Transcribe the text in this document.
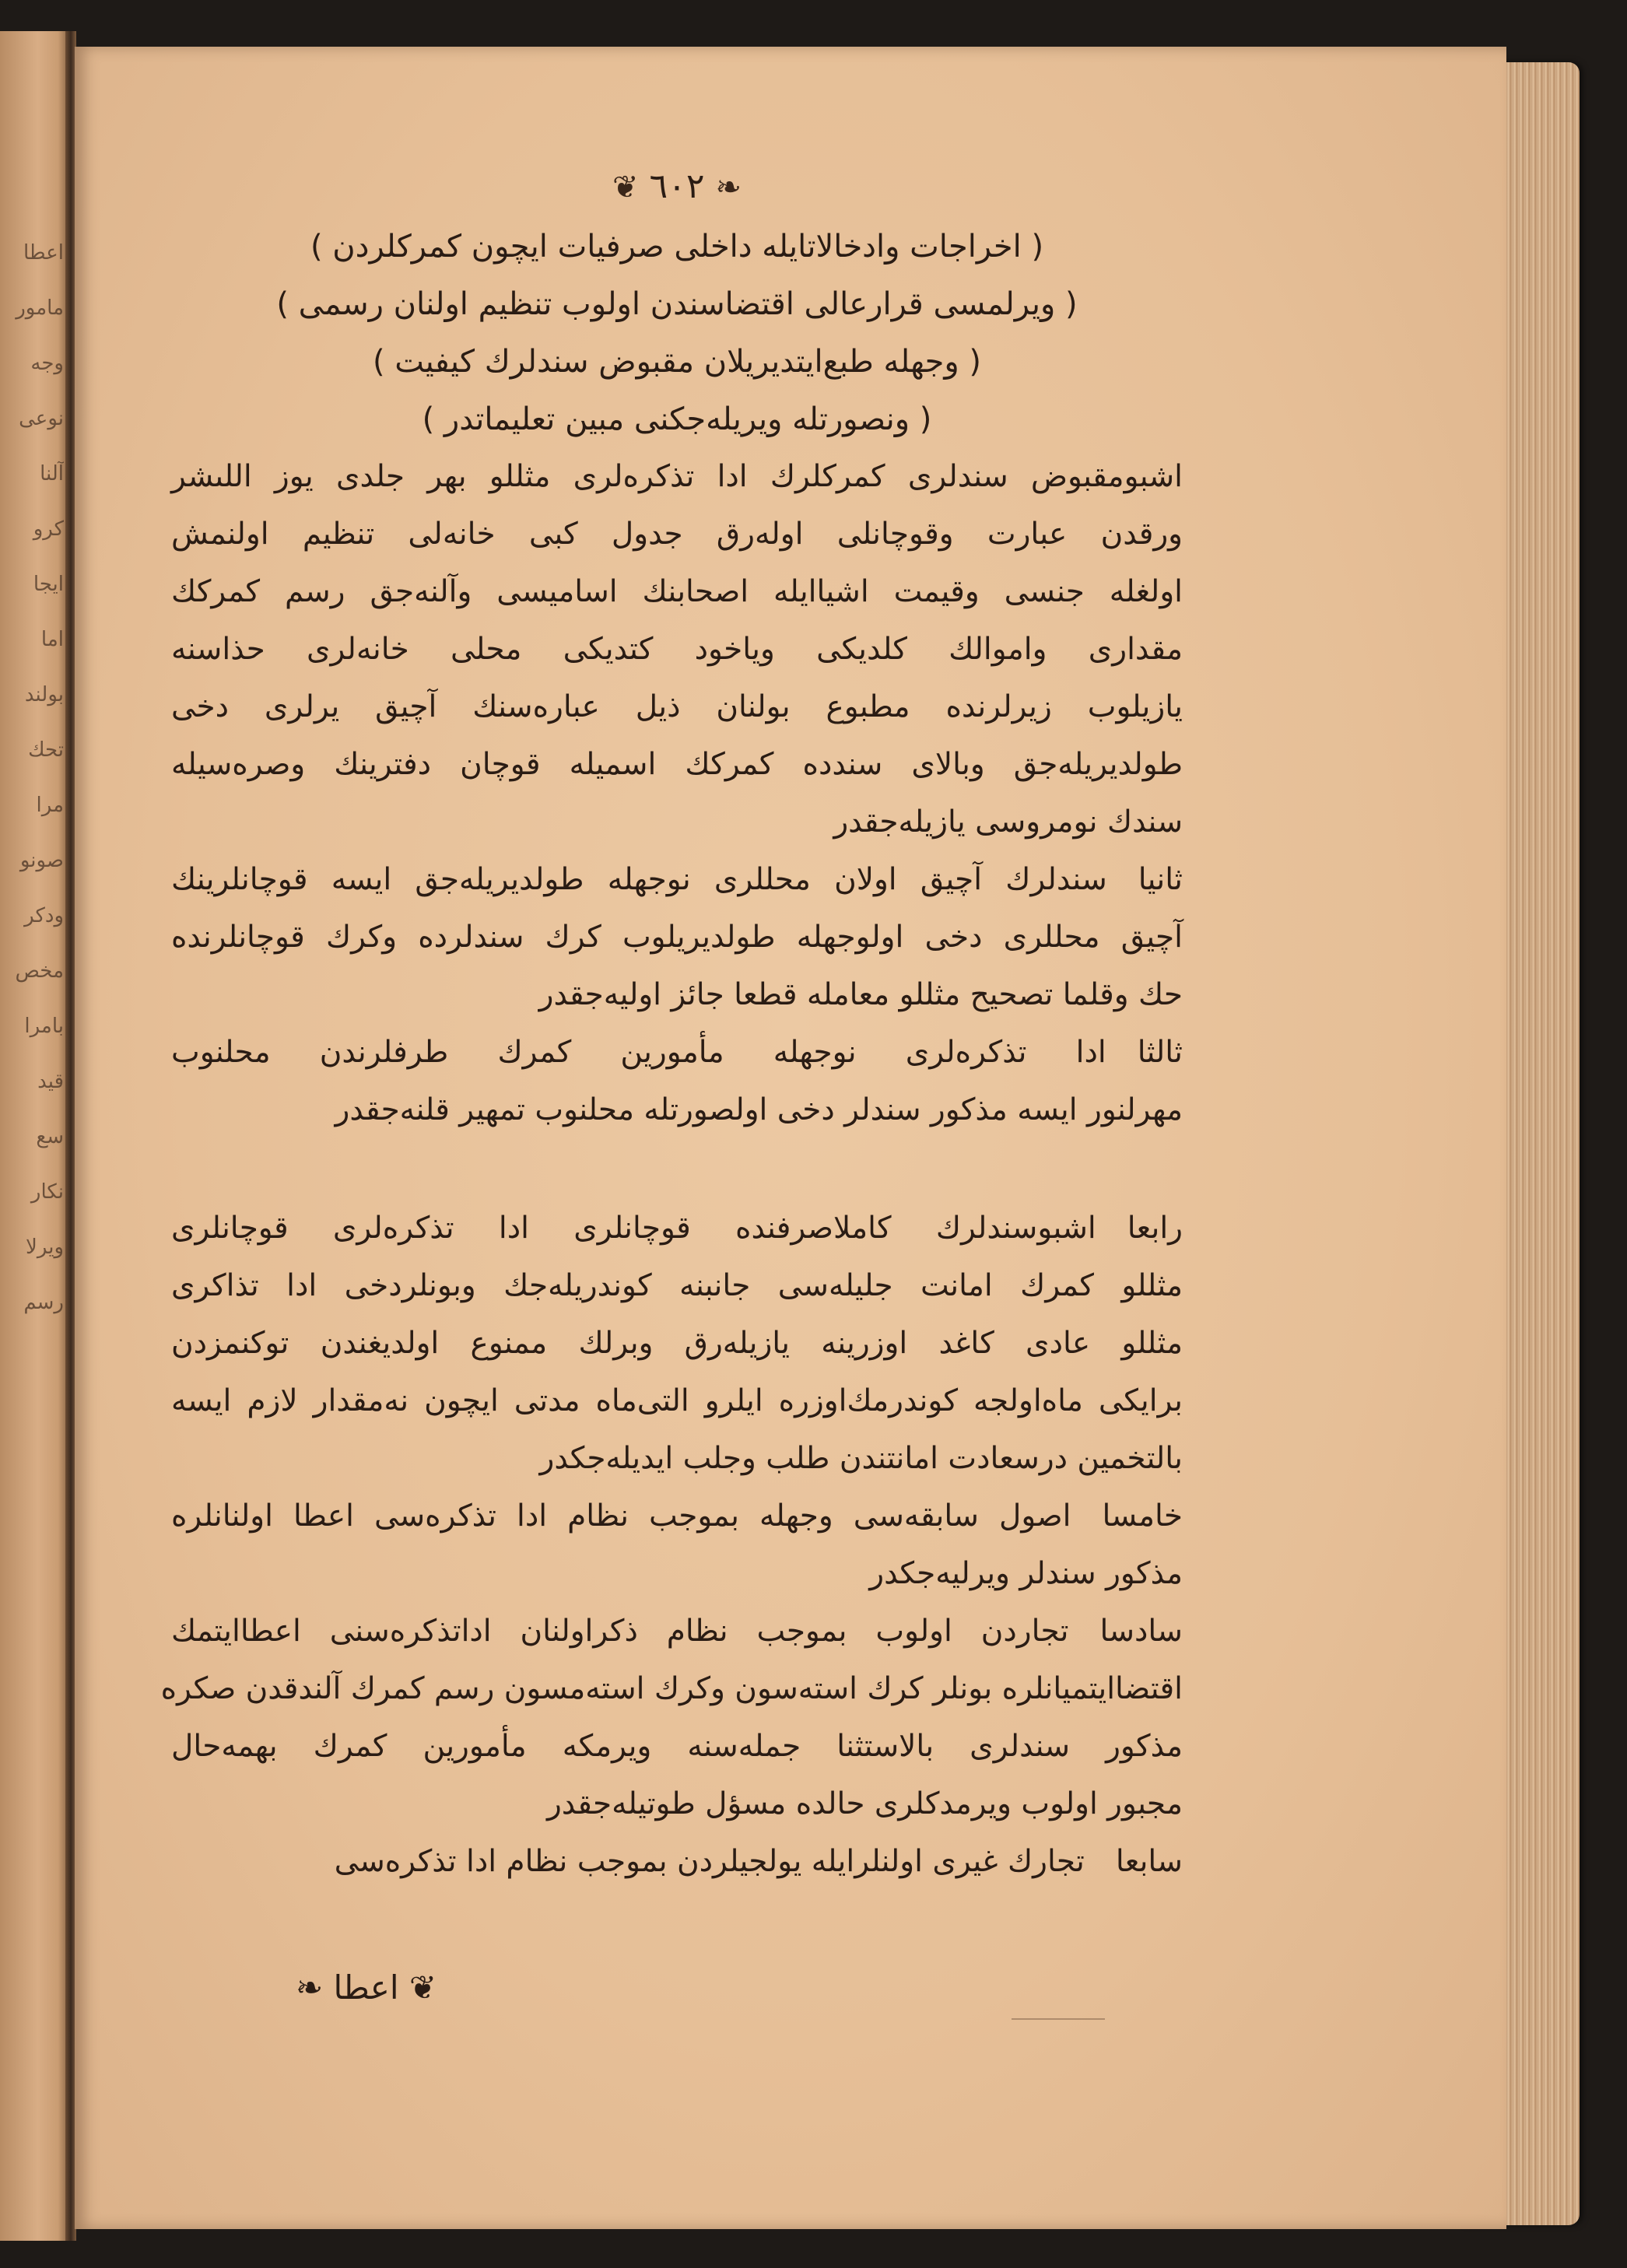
اعطا
مامور
وجه
نوعى
آلنا
كرو
ايجا
اما
بولند
تحك
مرا
صونو
ودكر
مخص
بامرا
قيد
سع
نكار
ويرلا
رسم
❧ ٦٠٢ ❦
( اخراجات وادخالاتايله داخلى صرفيات ايچون كمركلردن )
( ويرلمسى قرارعالى اقتضاسندن اولوب تنظيم اولنان رسمى )
( وجهله طبع‌ايتديريلان مقبوض سندلرك كيفيت )
( ونصورتله ويريله‌جكنى مبين تعليماتدر )
اشبومقبوض سندلرى كمركلرك ادا تذكره‌لرى مثللو بهر جلدى يوز اللىشر
ورقدن عبارت وقوچانلى اوله‌رق جدول كبى خانه‌لى تنظيم اولنمش
اولغله جنسى وقيمت اشياايله اصحابنك اساميسى وآلنه‌جق رسم كمركك
مقدارى واموالك كلديكى وياخود كتديكى محلى خانه‌لرى حذاسنه
يازيلوب زيرلرنده مطبوع بولنان ذيل عبارەسنك آچيق يرلرى دخى
طولديريله‌جق وبالاى سندده كمركك اسميله قوچان دفترينك وصره‌سيله
سندك نومروسى يازيله‌جقدر
ثانياسندلرك آچيق اولان محللرى نوجهله طولديريله‌جق ايسه قوچانلرينك
آچيق محللرى دخى اولوجهله طولديريلوب كرك سندلرده وكرك قوچانلرنده
حك وقلما تصحيح مثللو معامله قطعا جائز اوليه‌جقدر
ثالثاادا تذكره‌لرى نوجهله مأمورين كمرك طرفلرندن محلنوب
مهرلنور ايسه مذكور سندلر دخى اولصورتله محلنوب تمهير قلنه‌جقدر
رابعااشبوسندلرك كاملاصرفنده قوچانلرى ادا تذكره‌لرى قوچانلرى
مثللو كمرك امانت جليله‌سى جانبنه كوندريله‌جك وبونلردخى ادا تذاكرى
مثللو عادى كاغد اوزرينه يازيله‌رق وبرلك ممنوع اولديغندن توكنمزدن
برايكى ماه‌اولجه كوندرمك‌اوزره ايلرو التى‌ماه مدتى ايچون نه‌مقدار لازم ايسه
بالتخمين درسعادت امانتندن طلب وجلب ايديله‌جكدر
خامسااصول سابقه‌سى وجهله بموجب نظام ادا تذكره‌سى اعطا اولنانلره
مذكور سندلر ويرليه‌جكدر
سادساتجاردن اولوب بموجب نظام ذكراولنان اداتذكره‌سنى اعطاايتمك
اقتضاايتميانلره بونلر كرك استه‌سون وكرك استه‌مسون رسم كمرك آلندقدن صكره
مذكور سندلرى بالاستثنا جمله‌سنه ويرمكه مأمورين كمرك بهمه‌حال
مجبور اولوب ويرمدكلرى حالده مسؤل طوتيله‌جقدر
سابعاتجارك غيرى اولنلرايله يولجيلردن بموجب نظام ادا تذكره‌سى
❦ اعطا ❧
